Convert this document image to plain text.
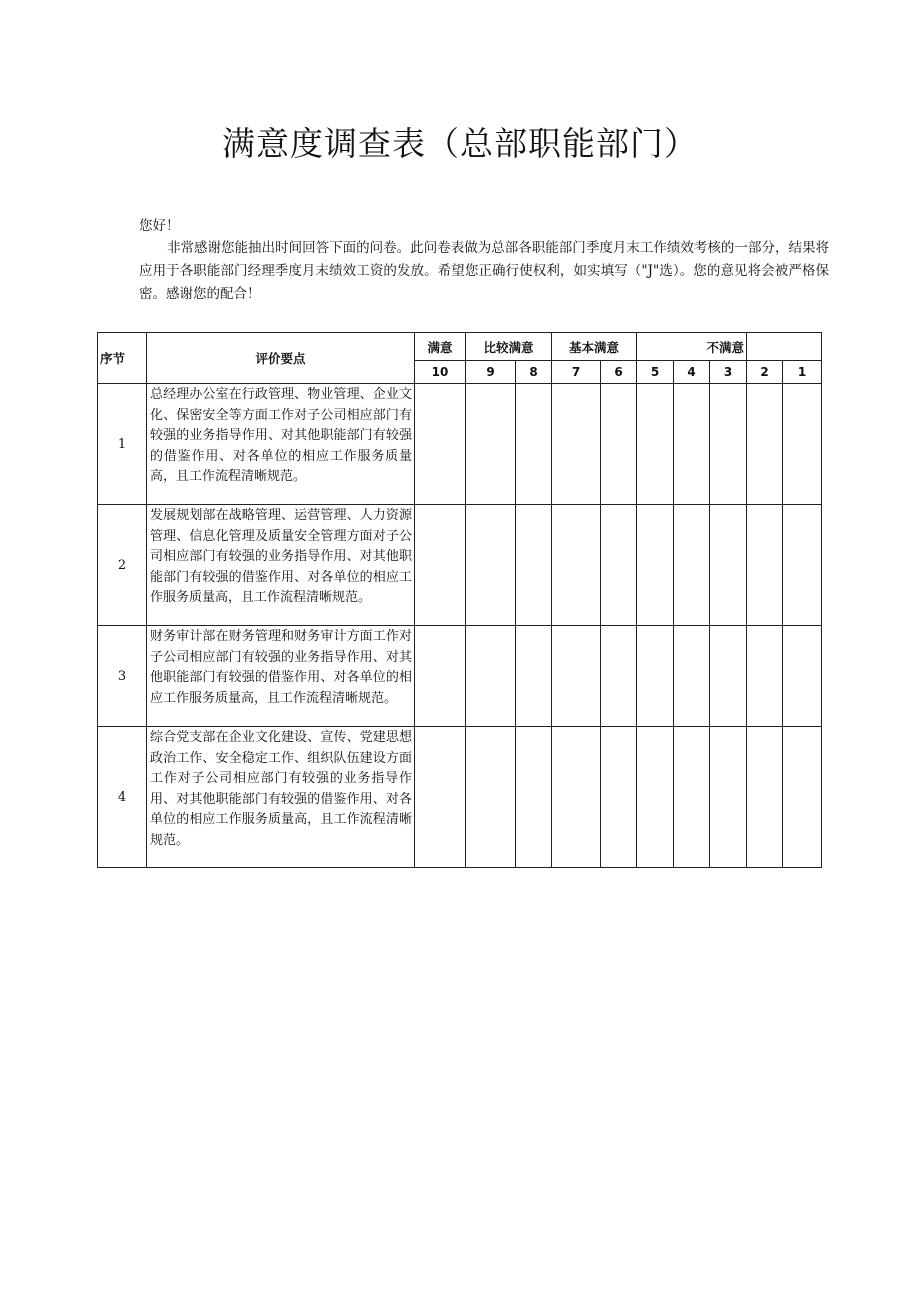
满意度调查表（总部职能部门）
您好！
非常感谢您能抽出时间回答下面的问卷。此问卷表做为总部各职能部门季度月末工作绩效考核的一部分，结果将应用于各职能部门经理季度月末绩效工资的发放。希望您正确行使权利，如实填写（"J"选）。您的意见将会被严格保密。感谢您的配合！
序节	评价要点	满意	比较满意		基本满意		不满意				
		10	9	8	7	6	5	4	3	2	1
1	总经理办公室在行政管理、物业管理、企业文化、保密安全等方面工作对子公司相应部门有较强的业务指导作用、对其他职能部门有较强的借鉴作用、对各单位的相应工作服务质量高，且工作流程清晰规范。										
2	发展规划部在战略管理、运营管理、人力资源管理、信息化管理及质量安全管理方面对子公司相应部门有较强的业务指导作用、对其他职能部门有较强的借鉴作用、对各单位的相应工作服务质量高，且工作流程清晰规范。										
3	财务审计部在财务管理和财务审计方面工作对子公司相应部门有较强的业务指导作用、对其他职能部门有较强的借鉴作用、对各单位的相应工作服务质量高，且工作流程清晰规范。										
4	综合党支部在企业文化建设、宣传、党建思想政治工作、安全稳定工作、组织队伍建设方面工作对子公司相应部门有较强的业务指导作用、对其他职能部门有较强的借鉴作用、对各单位的相应工作服务质量高，且工作流程清晰规范。										
